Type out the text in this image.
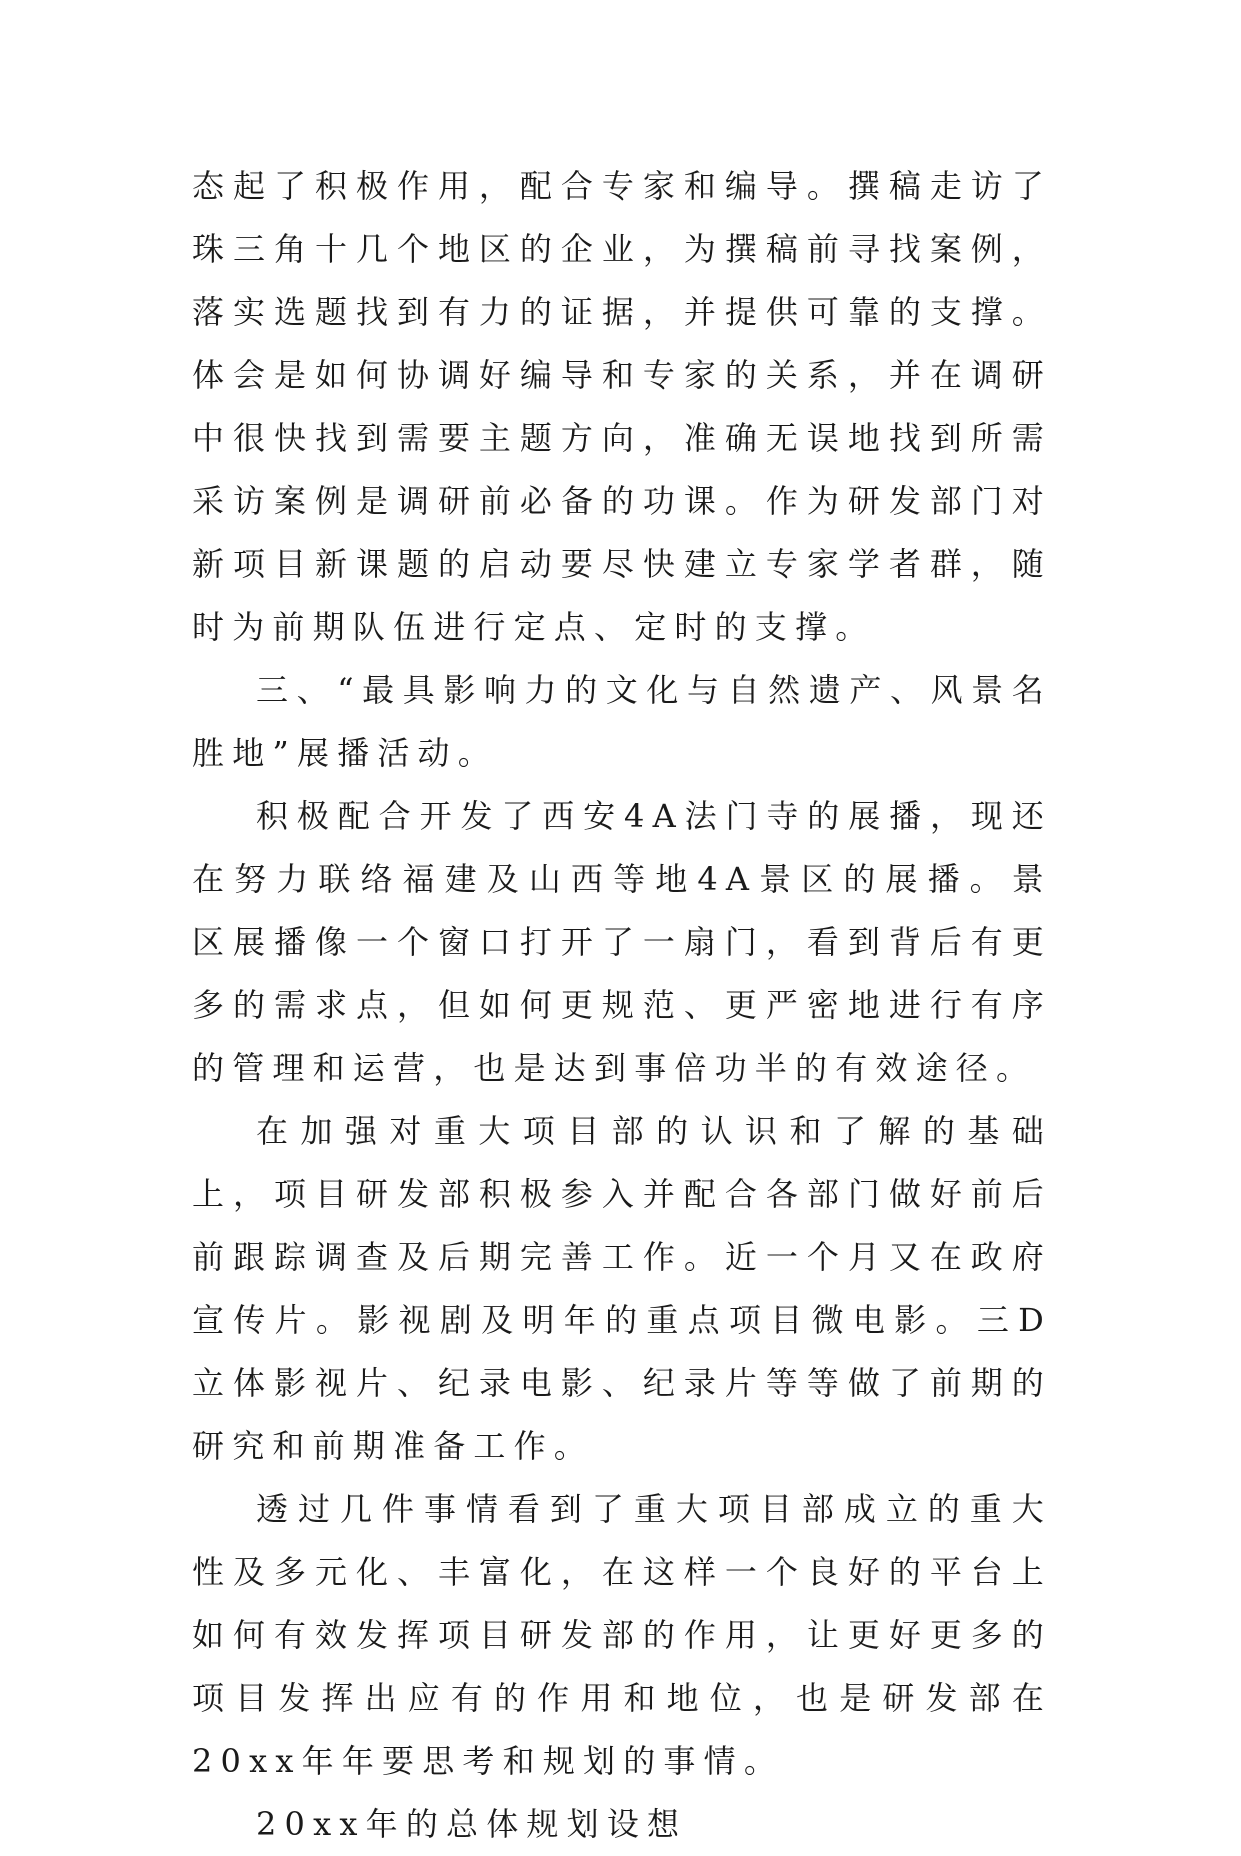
态起了积极作用，配合专家和编导。撰稿走访了珠三角十几个地区的企业，为撰稿前寻找案例，落实选题找到有力的证据，并提供可靠的支撑。体会是如何协调好编导和专家的关系，并在调研中很快找到需要主题方向，准确无误地找到所需采访案例是调研前必备的功课。作为研发部门对新项目新课题的启动要尽快建立专家学者群，随时为前期队伍进行定点、定时的支撑。

三、“最具影响力的文化与自然遗产、风景名胜地”展播活动。

积极配合开发了西安4A法门寺的展播，现还在努力联络福建及山西等地4A景区的展播。景区展播像一个窗口打开了一扇门，看到背后有更多的需求点，但如何更规范、更严密地进行有序的管理和运营，也是达到事倍功半的有效途径。

在加强对重大项目部的认识和了解的基础上，项目研发部积极参入并配合各部门做好前后前跟踪调查及后期完善工作。近一个月又在政府宣传片。影视剧及明年的重点项目微电影。三D立体影视片、纪录电影、纪录片等等做了前期的研究和前期准备工作。

透过几件事情看到了重大项目部成立的重大性及多元化、丰富化，在这样一个良好的平台上如何有效发挥项目研发部的作用，让更好更多的项目发挥出应有的作用和地位，也是研发部在20xx年年要思考和规划的事情。

20xx年的总体规划设想
